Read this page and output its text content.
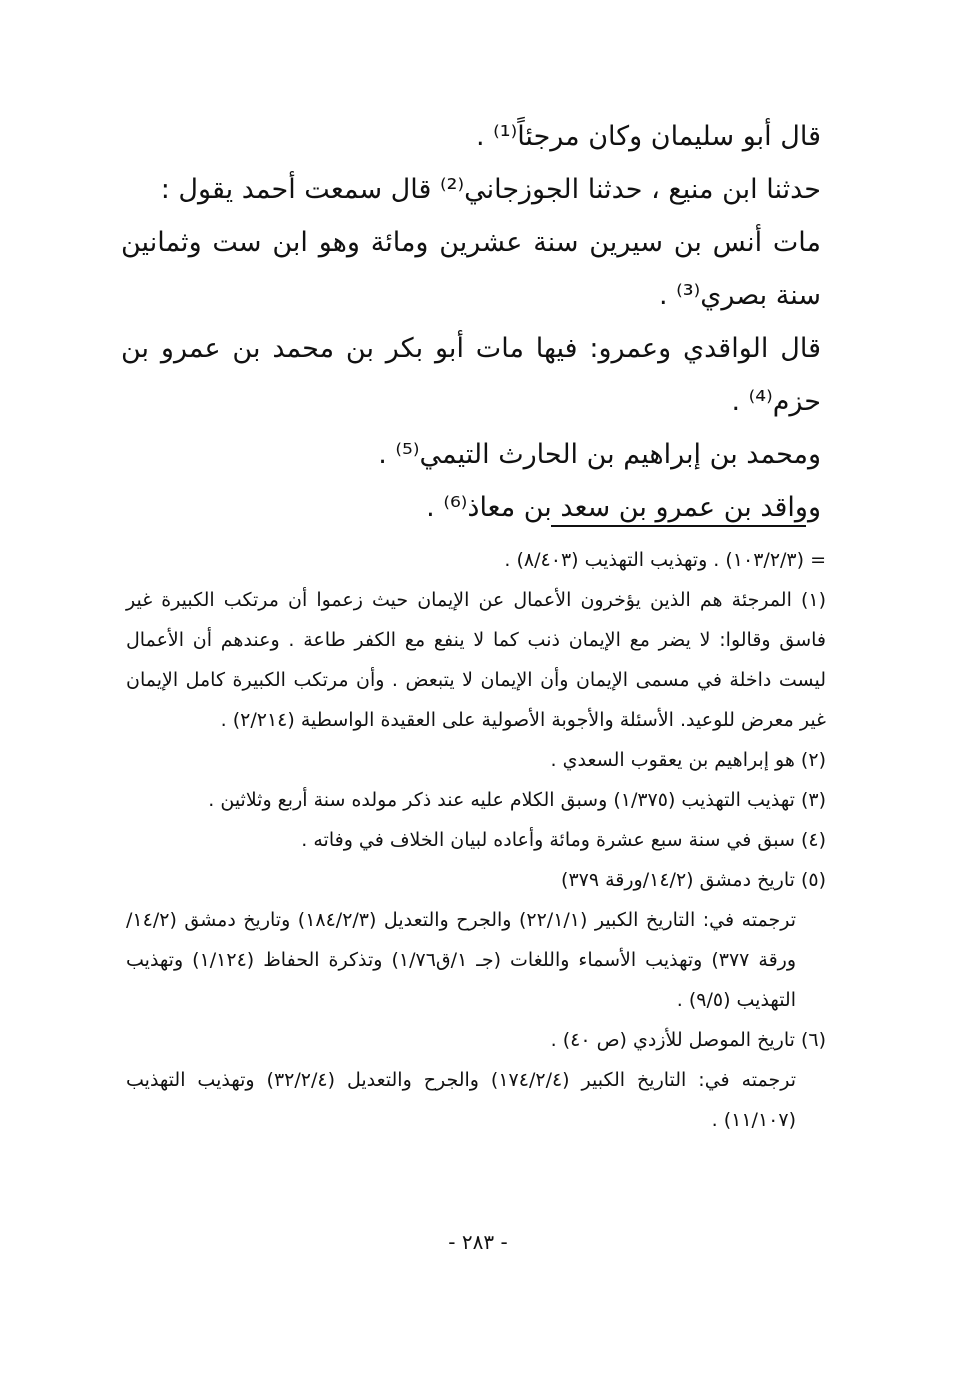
قال أبو سليمان وكان مرجئاً⁽¹⁾ .

حدثنا ابن منيع ، حدثنا الجوزجاني⁽²⁾ قال سمعت أحمد يقول :

مات أنس بن سيرين سنة عشرين ومائة وهو ابن ست وثمانين سنة بصري⁽³⁾ .

قال الواقدي وعمرو: فيها مات أبو بكر بن محمد بن عمرو بن حزم⁽⁴⁾ .

ومحمد بن إبراهيم بن الحارث التيمي⁽⁵⁾ .

وواقد بن عمرو بن سعد بن معاذ⁽⁶⁾ .

= (١٠٣/٢/٣) . وتهذيب التهذيب (٨/٤٠٣) .

(١) المرجئة هم الذين يؤخرون الأعمال عن الإيمان حيث زعموا أن مرتكب الكبيرة غير فاسق وقالوا: لا يضر مع الإيمان ذنب كما لا ينفع مع الكفر طاعة . وعندهم أن الأعمال ليست داخلة في مسمى الإيمان وأن الإيمان لا يتبعض . وأن مرتكب الكبيرة كامل الإيمان غير معرض للوعيد. الأسئلة والأجوبة الأصولية على العقيدة الواسطية (٢/٢١٤) .

(٢) هو إبراهيم بن يعقوب السعدي .

(٣) تهذيب التهذيب (١/٣٧٥) وسبق الكلام عليه عند ذكر مولده سنة أربع وثلاثين .

(٤) سبق في سنة سبع عشرة ومائة وأعاده لبيان الخلاف في وفاته .

(٥) تاريخ دمشق (١٤/٢/ورقة ٣٧٩)

ترجمته في: التاريخ الكبير (٢٢/١/١) والجرح والتعديل (١٨٤/٢/٣) وتاريخ دمشق (١٤/٢/ورقة ٣٧٧) وتهذيب الأسماء واللغات (جـ ١/ق١/٧٦) وتذكرة الحفاظ (١/١٢٤) وتهذيب التهذيب (٩/٥) .

(٦) تاريخ الموصل للأزدي (ص ٤٠) .

ترجمته في: التاريخ الكبير (١٧٤/٢/٤) والجرح والتعديل (٣٢/٢/٤) وتهذيب التهذيب (١١/١٠٧) .

- ٢٨٣ -
